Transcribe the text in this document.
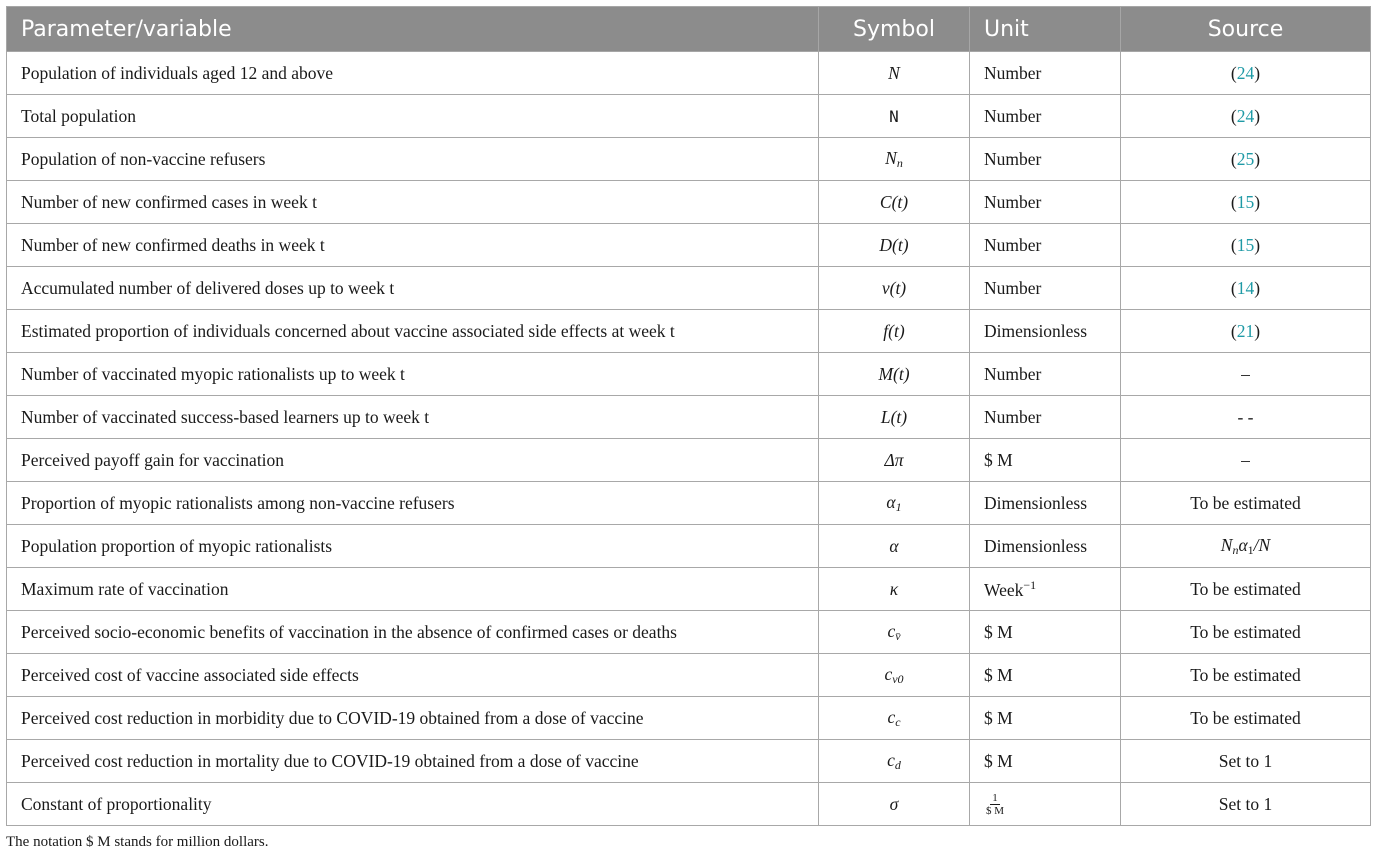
Parameter/variable	Symbol	Unit	Source
Population of individuals aged 12 and above	N	Number	(24)
Total population	N	Number	(24)
Population of non-vaccine refusers	$N_n$	Number	(25)
Number of new confirmed cases in week t	C(t)	Number	(15)
Number of new confirmed deaths in week t	D(t)	Number	(15)
Accumulated number of delivered doses up to week t	v(t)	Number	(14)
Estimated proportion of individuals concerned about vaccine associated side effects at week t	f(t)	Dimensionless	(21)
Number of vaccinated myopic rationalists up to week t	M(t)	Number	–
Number of vaccinated success-based learners up to week t	L(t)	Number	- -
Perceived payoff gain for vaccination	Δπ	$ M	–
Proportion of myopic rationalists among non-vaccine refusers	$\alpha_1$	Dimensionless	To be estimated
Population proportion of myopic rationalists	α	Dimensionless	$N_n\alpha_1/N$
Maximum rate of vaccination	κ	Week$^{-1}$	To be estimated
Perceived socio-economic benefits of vaccination in the absence of confirmed cases or deaths	$c_{v̄}$	$ M	To be estimated
Perceived cost of vaccine associated side effects	$c_{v0}$	$ M	To be estimated
Perceived cost reduction in morbidity due to COVID-19 obtained from a dose of vaccine	$c_c$	$ M	To be estimated
Perceived cost reduction in mortality due to COVID-19 obtained from a dose of vaccine	$c_d$	$ M	Set to 1
Constant of proportionality	σ	$\frac{1}{\$ M}$	Set to 1
The notation $ M stands for million dollars.
